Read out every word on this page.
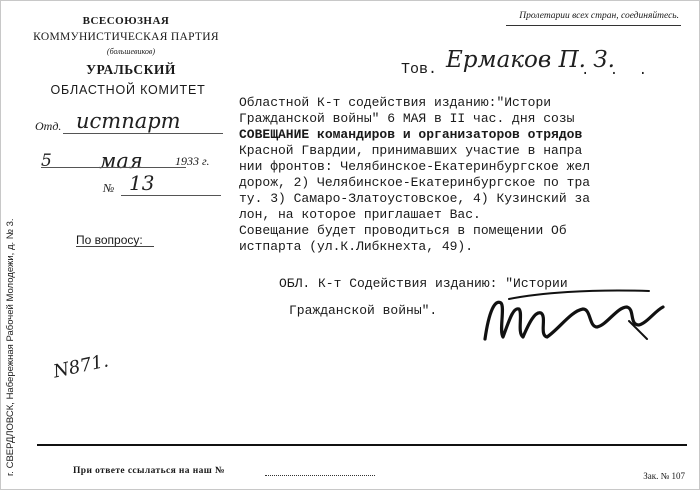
ВСЕСОЮЗНАЯ
КОММУНИСТИЧЕСКАЯ ПАРТИЯ
(большевиков)
УРАЛЬСКИЙ
ОБЛАСТНОЙ КОМИТЕТ
Пролетарии всех стран, соединяйтесь.
Отд. истпарт
5 мая	1933 г.
№ 13
По вопросу:
г. СВЕРДЛОВСК, Набережная Рабочей Молодежи, д. № 3. N871.
Тов. Ермаков П. З.
. . .
Областной К-т содействия изданию:"Истори
Гражданской войны" 6 МАЯ в II час. дня созы
СОВЕЩАНИЕ командиров и организаторов отрядов
Красной Гвардии, принимавших участие в напра
нии фронтов: Челябинское-Екатеринбургское жел
дорож, 2) Челябинское-Екатеринбургское по тра
ту. 3) Самаро-Златоустовское, 4) Кузинский за
лон, на которое приглашает Вас.
Совещание будет проводиться в помещении Об
истпарта (ул.К.Либкнехта, 49).
ОБЛ. К-т Содействия изданию: "Истории
Гражданской войны".
При ответе ссылаться на наш №	Зак. № 107
